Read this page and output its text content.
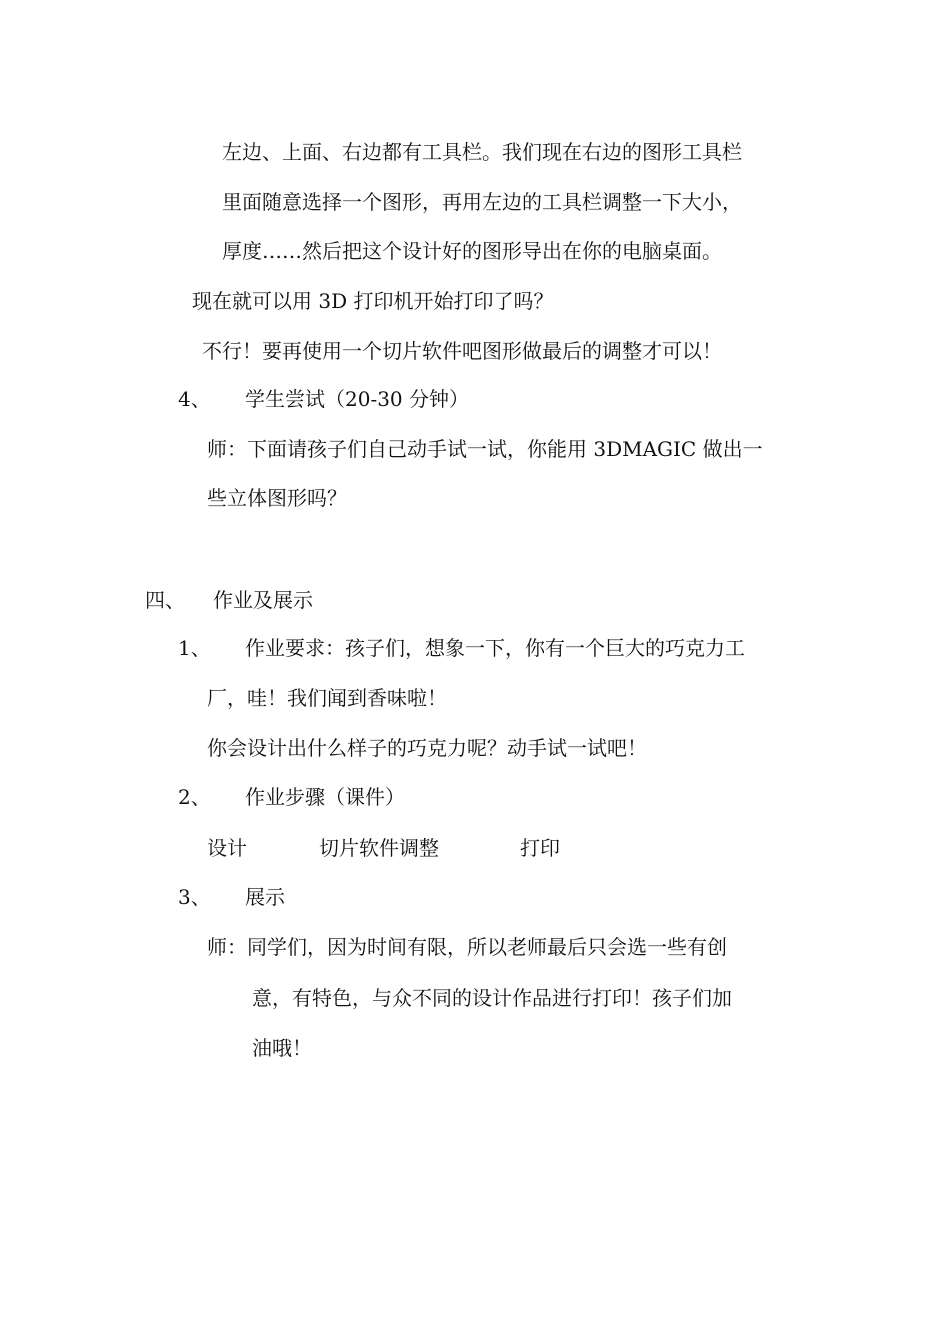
左边、上面、右边都有工具栏。我们现在右边的图形工具栏
里面随意选择一个图形，再用左边的工具栏调整一下大小，
厚度……然后把这个设计好的图形导出在你的电脑桌面。
现在就可以用 3D 打印机开始打印了吗？
不行！要再使用一个切片软件吧图形做最后的调整才可以！
4、 学生尝试（20-30 分钟）
师：下面请孩子们自己动手试一试，你能用 3DMAGIC 做出一
些立体图形吗？
四、 作业及展示
1、 作业要求：孩子们，想象一下，你有一个巨大的巧克力工
厂，哇！我们闻到香味啦！
你会设计出什么样子的巧克力呢？动手试一试吧！
2、 作业步骤（课件）
设计	切片软件调整	打印
3、 展示
师：同学们，因为时间有限，所以老师最后只会选一些有创
意，有特色，与众不同的设计作品进行打印！孩子们加
油哦！
